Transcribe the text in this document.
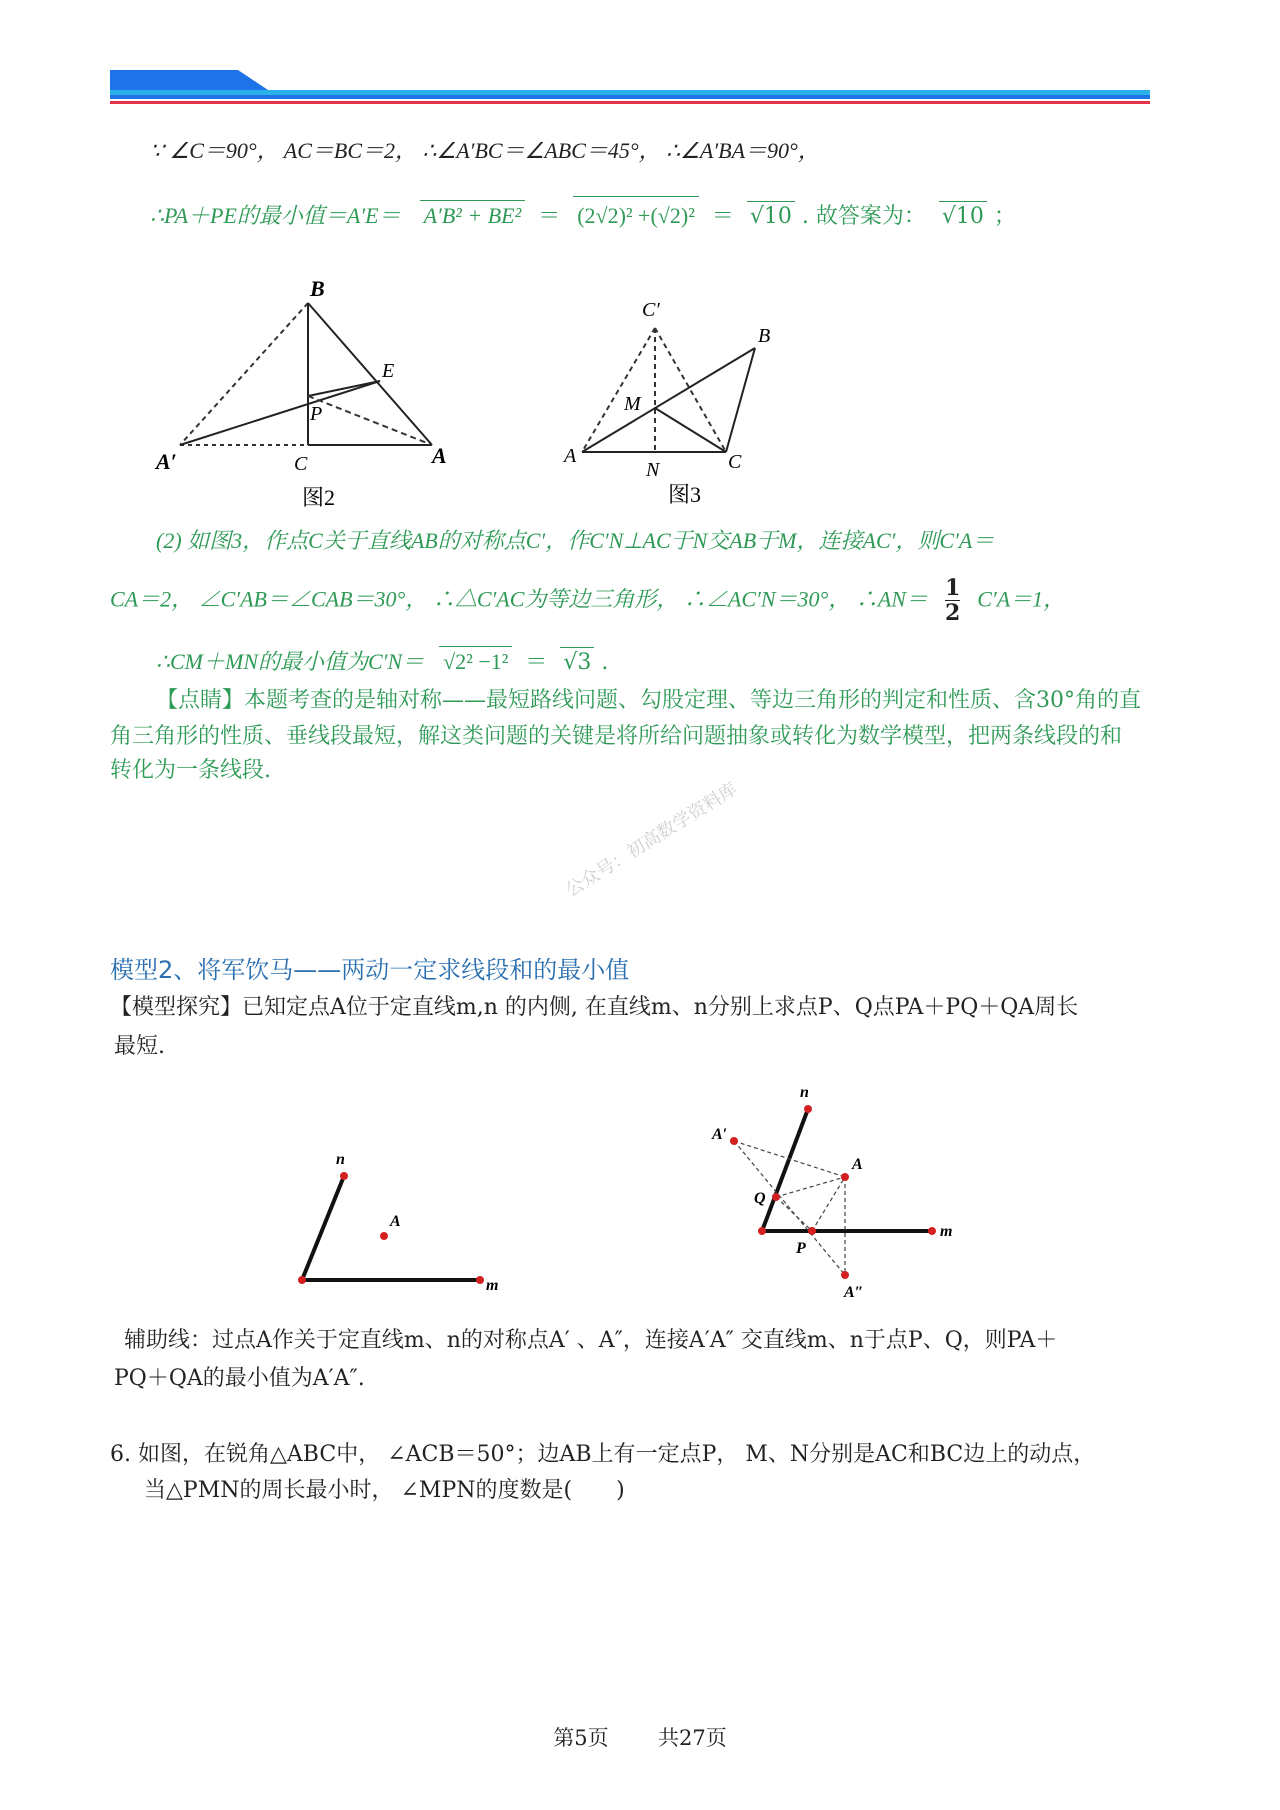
∵ ∠C＝90°， AC＝BC＝2， ∴∠A′BC＝∠ABC＝45°， ∴∠A′BA＝90°，
∴PA＋PE的最小值＝A′E＝ A′B² + BE² ＝ (2√2)² +(√2)² ＝ √10 . 故答案为： √10 ；
B
E
P
A′	C	A
图2
C′
B
M
A
N	C
图3
(2) 如图3，作点C关于直线AB的对称点C′，作C′N⊥AC于N交AB于M，连接AC′，则C′A＝
CA＝2， ∠C′AB＝∠CAB＝30°， ∴△C′AC为等边三角形， ∴∠AC′N＝30°， ∴AN＝ $\frac{1}{2} C'A=1$，
∴CM＋MN的最小值为C′N＝ √2² −1² ＝ √3 .
【点睛】本题考查的是轴对称——最短路线问题、勾股定理、等边三角形的判定和性质、含30°角的直
角三角形的性质、垂线段最短，解这类问题的关键是将所给问题抽象或转化为数学模型，把两条线段的和
转化为一条线段.
公众号：初高数学资料库
模型2、将军饮马——两动一定求线段和的最小值
【模型探究】已知定点A位于定直线m,n 的内侧, 在直线m、n分别上求点P、Q点PA＋PQ＋QA周长
最短.
n
A
m
n
A′
A
Q
P
m
A″
辅助线：过点A作关于定直线m、n的对称点A′ 、A″，连接A′A″ 交直线m、n于点P、Q，则PA＋
PQ＋QA的最小值为A′A″.
6. 如图，在锐角△ABC中， ∠ACB＝50°；边AB上有一定点P， M、N分别是AC和BC边上的动点，
当△PMN的周长最小时， ∠MPN的度数是(　　)
第5页 共27页
